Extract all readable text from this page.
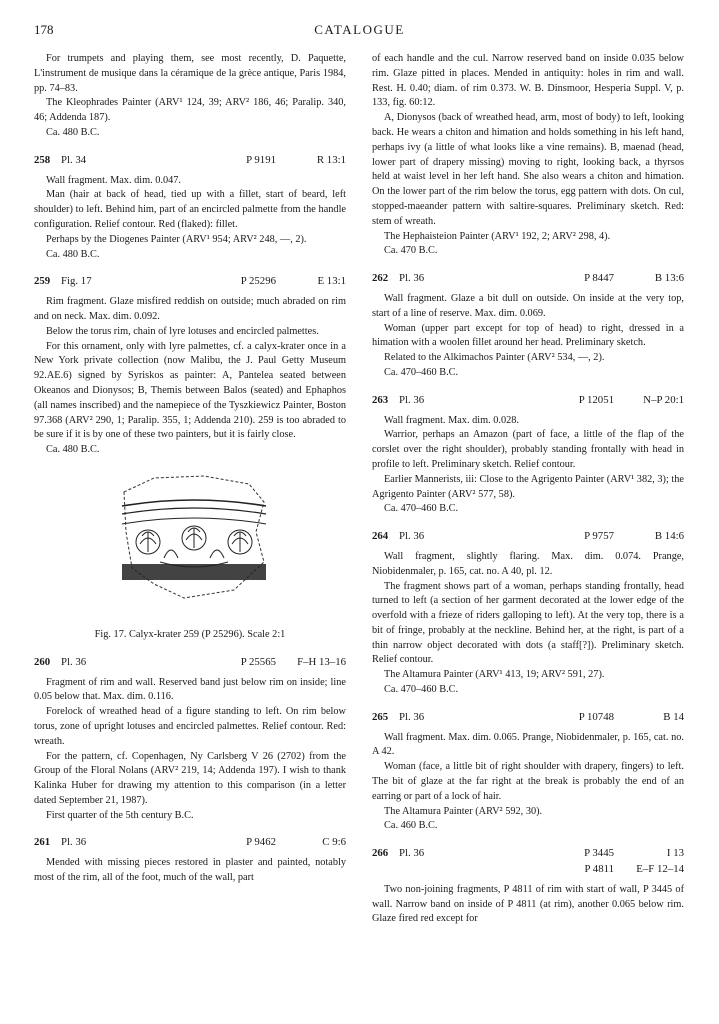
178	CATALOGUE

For trumpets and playing them, see most recently, D. Paquette, L'instrument de musique dans la céramique de la grèce antique, Paris 1984, pp. 74–83.

The Kleophrades Painter (ARV¹ 124, 39; ARV² 186, 46; Paralip. 340, 46; Addenda 187).

Ca. 480 B.C.

258 Pl. 34	P 9191	R 13:1

Wall fragment. Max. dim. 0.047.

Man (hair at back of head, tied up with a fillet, start of beard, left shoulder) to left. Behind him, part of an encircled palmette from the handle configuration. Relief contour. Red (flaked): fillet.

Perhaps by the Diogenes Painter (ARV¹ 954; ARV² 248, —, 2).

Ca. 480 B.C.

259 Fig. 17	P 25296	E 13:1

Rim fragment. Glaze misfired reddish on outside; much abraded on rim and on neck. Max. dim. 0.092.

Below the torus rim, chain of lyre lotuses and encircled palmettes.

For this ornament, only with lyre palmettes, cf. a calyx-krater once in a New York private collection (now Malibu, the J. Paul Getty Museum 92.AE.6) signed by Syriskos as painter: A, Pantelea seated between Okeanos and Dionysos; B, Themis between Balos (seated) and Ephaphos (all names inscribed) and the namepiece of the Tyszkiewicz Painter, Boston 97.368 (ARV² 290, 1; Paralip. 355, 1; Addenda 210). 259 is too abraded to be sure if it is by one of these two painters, but it is fairly close.

Ca. 480 B.C.

Fig. 17. Calyx-krater 259 (P 25296). Scale 2:1

260 Pl. 36	P 25565	F–H 13–16

Fragment of rim and wall. Reserved band just below rim on inside; line 0.05 below that. Max. dim. 0.116.

Forelock of wreathed head of a figure standing to left. On rim below torus, zone of upright lotuses and encircled palmettes. Relief contour. Red: wreath.

For the pattern, cf. Copenhagen, Ny Carlsberg V 26 (2702) from the Group of the Floral Nolans (ARV² 219, 14; Addenda 197). I wish to thank Kalinka Huber for drawing my attention to this comparison (in a letter dated September 21, 1987).

First quarter of the 5th century B.C.

261 Pl. 36	P 9462	C 9:6

Mended with missing pieces restored in plaster and painted, notably most of the rim, all of the foot, much of the wall, part

of each handle and the cul. Narrow reserved band on inside 0.035 below rim. Glaze pitted in places. Mended in antiquity: holes in rim and wall. Rest. H. 0.40; diam. of rim 0.373. W. B. Dinsmoor, Hesperia Suppl. V, p. 133, fig. 60:12.

A, Dionysos (back of wreathed head, arm, most of body) to left, looking back. He wears a chiton and himation and holds something in his left hand, perhaps ivy (a little of what looks like a vine remains). B, maenad (head, lower part of drapery missing) moving to right, looking back, a thyrsos held at waist level in her left hand. She also wears a chiton and himation. On the lower part of the rim below the torus, egg pattern with dots. On cul, stopped-maeander pattern with saltire-squares. Preliminary sketch. Red: stem of wreath.

The Hephaisteion Painter (ARV¹ 192, 2; ARV² 298, 4).

Ca. 470 B.C.

262 Pl. 36	P 8447	B 13:6

Wall fragment. Glaze a bit dull on outside. On inside at the very top, start of a line of reserve. Max. dim. 0.069.

Woman (upper part except for top of head) to right, dressed in a himation with a woolen fillet around her head. Preliminary sketch.

Related to the Alkimachos Painter (ARV² 534, —, 2).

Ca. 470–460 B.C.

263 Pl. 36	P 12051	N–P 20:1

Wall fragment. Max. dim. 0.028.

Warrior, perhaps an Amazon (part of face, a little of the flap of the corslet over the right shoulder), probably standing frontally with head in profile to left. Preliminary sketch. Relief contour.

Earlier Mannerists, iii: Close to the Agrigento Painter (ARV¹ 382, 3); the Agrigento Painter (ARV² 577, 58).

Ca. 470–460 B.C.

264 Pl. 36	P 9757	B 14:6

Wall fragment, slightly flaring. Max. dim. 0.074. Prange, Niobidenmaler, p. 165, cat. no. A 40, pl. 12.

The fragment shows part of a woman, perhaps standing frontally, head turned to left (a section of her garment decorated at the lower edge of the overfold with a frieze of riders galloping to left). At the very top, there is a bit of fringe, probably at the neckline. Behind her, at the right, is part of a thin narrow object decorated with dots (a staff[?]). Preliminary sketch. Relief contour.

The Altamura Painter (ARV¹ 413, 19; ARV² 591, 27).

Ca. 470–460 B.C.

265 Pl. 36	P 10748	B 14

Wall fragment. Max. dim. 0.065. Prange, Niobidenmaler, p. 165, cat. no. A 42.

Woman (face, a little bit of right shoulder with drapery, fingers) to left. The bit of glaze at the far right at the break is probably the end of an earring or part of a lock of hair.

The Altamura Painter (ARV² 592, 30).

Ca. 460 B.C.

266 Pl. 36	P 3445	I 13
P 4811	E–F 12–14

Two non-joining fragments, P 4811 of rim with start of wall, P 3445 of wall. Narrow band on inside of P 4811 (at rim), another 0.065 below rim. Glaze fired red except for
